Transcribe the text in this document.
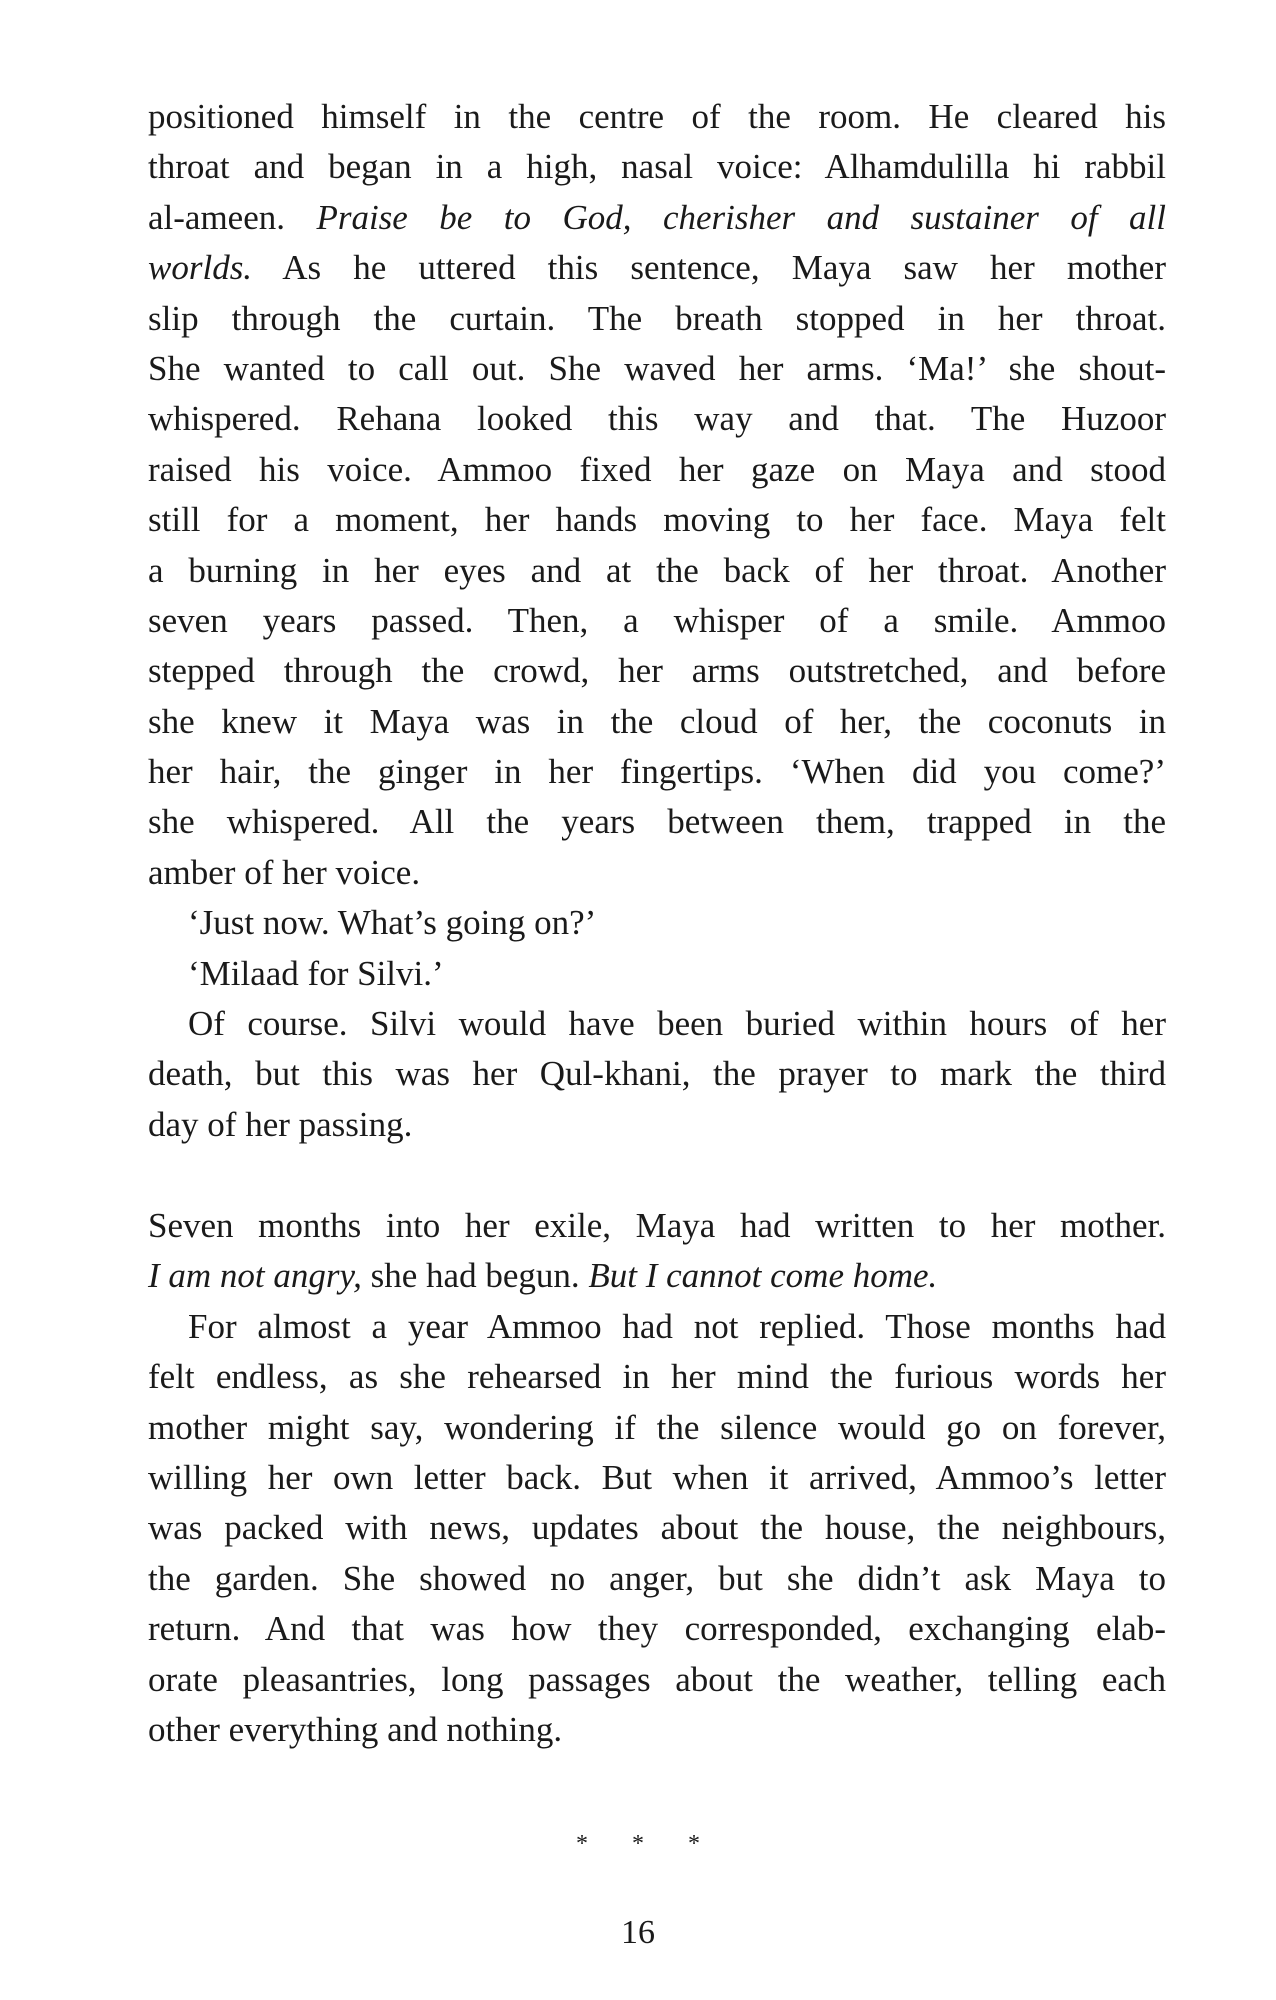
positioned himself in the centre of the room. He cleared his
throat and began in a high, nasal voice: Alhamdulilla hi rabbil
al-ameen. Praise be to God, cherisher and sustainer of all
worlds. As he uttered this sentence, Maya saw her mother
slip through the curtain. The breath stopped in her throat.
She wanted to call out. She waved her arms. ‘Ma!’ she shout-
whispered. Rehana looked this way and that. The Huzoor
raised his voice. Ammoo fixed her gaze on Maya and stood
still for a moment, her hands moving to her face. Maya felt
a burning in her eyes and at the back of her throat. Another
seven years passed. Then, a whisper of a smile. Ammoo
stepped through the crowd, her arms outstretched, and before
she knew it Maya was in the cloud of her, the coconuts in
her hair, the ginger in her fingertips. ‘When did you come?’
she whispered. All the years between them, trapped in the
amber of her voice.
‘Just now. What’s going on?’
‘Milaad for Silvi.’
Of course. Silvi would have been buried within hours of her
death, but this was her Qul-khani, the prayer to mark the third
day of her passing.
Seven months into her exile, Maya had written to her mother.
I am not angry, she had begun. But I cannot come home.
For almost a year Ammoo had not replied. Those months had
felt endless, as she rehearsed in her mind the furious words her
mother might say, wondering if the silence would go on forever,
willing her own letter back. But when it arrived, Ammoo’s letter
was packed with news, updates about the house, the neighbours,
the garden. She showed no anger, but she didn’t ask Maya to
return. And that was how they corresponded, exchanging elab-
orate pleasantries, long passages about the weather, telling each
other everything and nothing.
* * *
16
